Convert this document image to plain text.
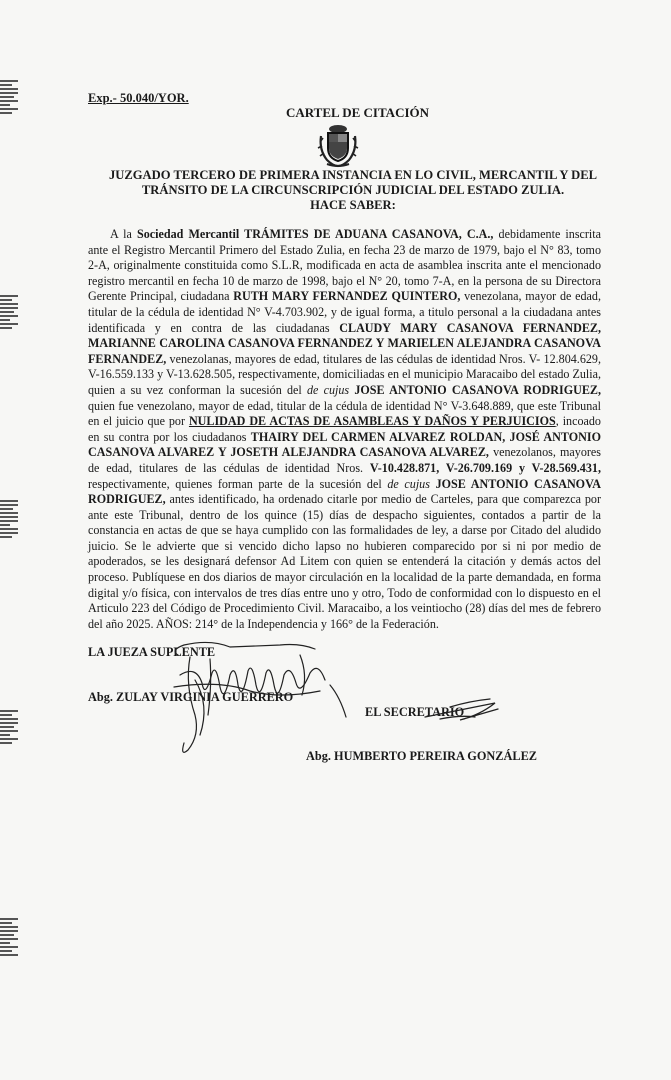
Exp.- 50.040/YOR.
CARTEL DE CITACIÓN
JUZGADO TERCERO DE PRIMERA INSTANCIA EN LO CIVIL, MERCANTIL Y DEL
TRÁNSITO DE LA CIRCUNSCRIPCIÓN JUDICIAL DEL ESTADO ZULIA.
HACE SABER:
A la Sociedad Mercantil TRÁMITES DE ADUANA CASANOVA, C.A., debidamente inscrita ante el Registro Mercantil Primero del Estado Zulia, en fecha 23 de marzo de 1979, bajo el N° 83, tomo 2-A, originalmente constituida como S.L.R, modificada en acta de asamblea inscrita ante el mencionado registro mercantil en fecha 10 de marzo de 1998, bajo el N° 20, tomo 7-A, en la persona de su Directora Gerente Principal, ciudadana RUTH MARY FERNANDEZ QUINTERO, venezolana, mayor de edad, titular de la cédula de identidad N° V-4.703.902, y de igual forma, a titulo personal a la ciudadana antes identificada y en contra de las ciudadanas CLAUDY MARY CASANOVA FERNANDEZ, MARIANNE CAROLINA CASANOVA FERNANDEZ Y MARIELEN ALEJANDRA CASANOVA FERNANDEZ, venezolanas, mayores de edad, titulares de las cédulas de identidad Nros. V- 12.804.629, V-16.559.133 y V-13.628.505, respectivamente, domiciliadas en el municipio Maracaibo del estado Zulia, quien a su vez conforman la sucesión del de cujus JOSE ANTONIO CASANOVA RODRIGUEZ, quien fue venezolano, mayor de edad, titular de la cédula de identidad N° V-3.648.889, que este Tribunal en el juicio que por NULIDAD DE ACTAS DE ASAMBLEAS Y DAÑOS Y PERJUICIOS, incoado en su contra por los ciudadanos THAIRY DEL CARMEN ALVAREZ ROLDAN, JOSÉ ANTONIO CASANOVA ALVAREZ Y JOSETH ALEJANDRA CASANOVA ALVAREZ, venezolanos, mayores de edad, titulares de las cédulas de identidad Nros. V-10.428.871, V-26.709.169 y V-28.569.431, respectivamente, quienes forman parte de la sucesión del de cujus JOSE ANTONIO CASANOVA RODRIGUEZ, antes identificado, ha ordenado citarle por medio de Carteles, para que comparezca por ante este Tribunal, dentro de los quince (15) días de despacho siguientes, contados a partir de la constancia en actas de que se haya cumplido con las formalidades de ley, a darse por Citado del aludido juicio. Se le advierte que si vencido dicho lapso no hubieren comparecido por si ni por medio de apoderados, se les designará defensor Ad Litem con quien se entenderá la citación y demás actos del proceso. Publíquese en dos diarios de mayor circulación en la localidad de la parte demandada, en forma digital y/o física, con intervalos de tres días entre uno y otro, Todo de conformidad con lo dispuesto en el Articulo 223 del Código de Procedimiento Civil. Maracaibo, a los veintiocho (28) días del mes de febrero del año 2025. AÑOS: 214° de la Independencia y 166° de la Federación.
LA JUEZA SUPLENTE
Abg. ZULAY VIRGINIA GUERRERO
EL SECRETARIO
Abg. HUMBERTO PEREIRA GONZÁLEZ
